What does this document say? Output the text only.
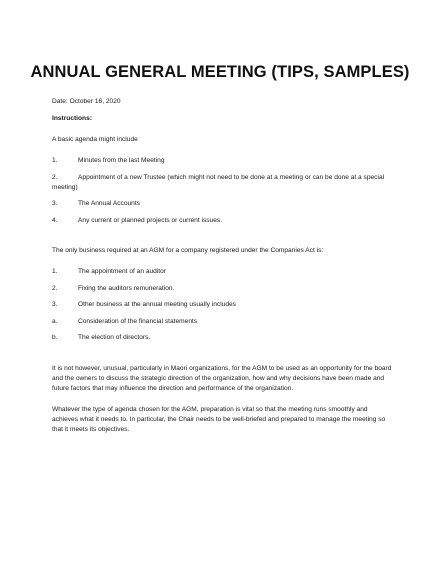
ANNUAL GENERAL MEETING (TIPS, SAMPLES)

Date: October 16, 2020

Instructions:

A basic agenda might include

1.	Minutes from the last Meeting
2.	Appointment of a new Trustee (which might not need to be done at a meeting or can be done at a special meeting)
3.	The Annual Accounts
4.	Any current or planned projects or current issues.

The only business required at an AGM for a company registered under the Companies Act is:

1.	The appointment of an auditor
2.	Fixing the auditors remuneration.
3.	Other business at the annual meeting usually includes
a.	Consideration of the financial statements
b.	The election of directors.

It is not however, unusual, particularly in Maori organizations, for the AGM to be used as an opportunity for the board and the owners to discuss the strategic direction of the organization, how and why decisions have been made and future factors that may influence the direction and performance of the organization.

Whatever the type of agenda chosen for the AGM, preparation is vital so that the meeting runs smoothly and achieves what it needs to. In particular, the Chair needs to be well-briefed and prepared to manage the meeting so that it meets its objectives.
